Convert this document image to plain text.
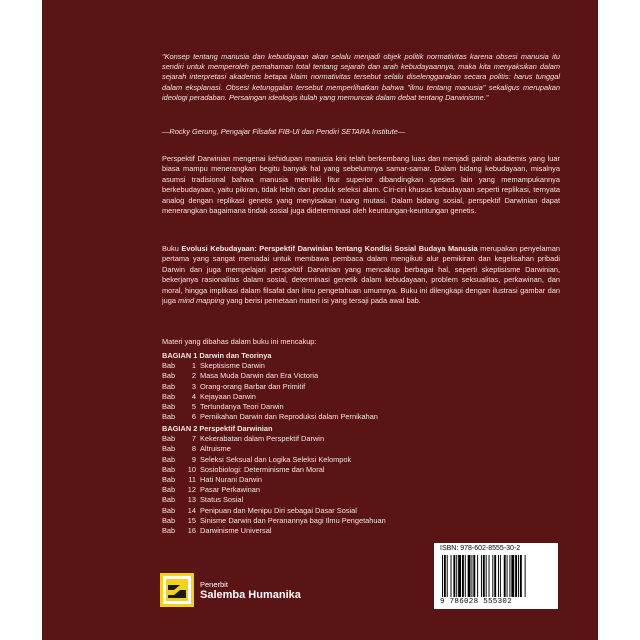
"Konsep tentang manusia dan kebudayaan akan selalu menjadi objek politik normativitas karena obsesi manusia itu sendiri untuk memperoleh pemahaman total tentang sejarah dan arah kebudayaannya, maka kita menyaksikan dalam sejarah interpretasi akademis betapa klaim normativitas tersebut selalu diselenggarakan secara politis: harus tunggal dalam eksplanasi. Obsesi ketunggalan tersebut memperlihatkan bahwa "ilmu tentang manusia" sekaligus merupakan ideologi peradaban. Persaingan ideologis itulah yang memuncak dalam debat tentang Darwinisme."
—Rocky Gerung, Pengajar Filsafat FIB-UI dan Pendiri SETARA Institute—
Perspektif Darwinian mengenai kehidupan manusia kini telah berkembang luas dan menjadi gairah akademis yang luar biasa mampu menerangkan begitu banyak hal yang sebelumnya samar-samar. Dalam bidang kebudayaan, misalnya asumsi tradisional bahwa manusia memiliki fitur superior dibandingkan spesies lain yang memampukannya berkebudayaan, yaitu pikiran, tidak lebih dari produk seleksi alam. Ciri-ciri khusus kebudayaan seperti replikasi, ternyata analog dengan replikasi genetis yang menyisakan ruang mutasi. Dalam bidang sosial, perspektif Darwinian dapat menerangkan bagaimana tindak sosial juga dideterminasi oleh keuntungan-keuntungan genetis.
Buku Evolusi Kebudayaan: Perspektif Darwinian tentang Kondisi Sosial Budaya Manusia merupakan penyelaman pertama yang sangat memadai untuk membawa pembaca dalam mengikuti alur pemikiran dan kegelisahan pribadi Darwin dan juga mempelajari perspektif Darwinian yang mencakup berbagai hal, seperti skeptisisme Darwinian, bekerjanya rasionalitas dalam sosial, determinasi genetik dalam kebudayaan, problem seksualitas, perkawinan, dan moral, hingga implikasi dalam filsafat dan ilmu pengetahuan umumnya. Buku ini dilengkapi dengan ilustrasi gambar dan juga mind mapping yang berisi pemetaan materi isi yang tersaji pada awal bab.
Materi yang dibahas dalam buku ini mencakup:
BAGIAN 1 Darwin dan Teorinya
Bab	1 Skeptisisme Darwin
Bab	2 Masa Muda Darwin dan Era Victoria
Bab	3 Orang-orang Barbar dan Primitif
Bab	4 Kejayaan Darwin
Bab	5 Tertundanya Teori Darwin
Bab	6 Pernikahan Darwin dan Reproduksi dalam Pernikahan
BAGIAN 2 Perspektif Darwinian
Bab	7 Kekerabatan dalam Perspektif Darwin
Bab	8 Altruisme
Bab	9 Seleksi Seksual dan Logika Seleksi Kelompok
Bab	10 Sosiobiologi: Determinisme dan Moral
Bab	11 Hati Nurani Darwin
Bab	12 Pasar Perkawinan
Bab	13 Status Sosial
Bab	14 Penipuan dan Menipu Diri sebagai Dasar Sosial
Bab	15 Sinisme Darwin dan Peranannya bagi Ilmu Pengetahuan
Bab	16 Darwinisme Universal
ISBN: 978-602-8555-30-2
9 786028 555302
Penerbit
Salemba Humanika
